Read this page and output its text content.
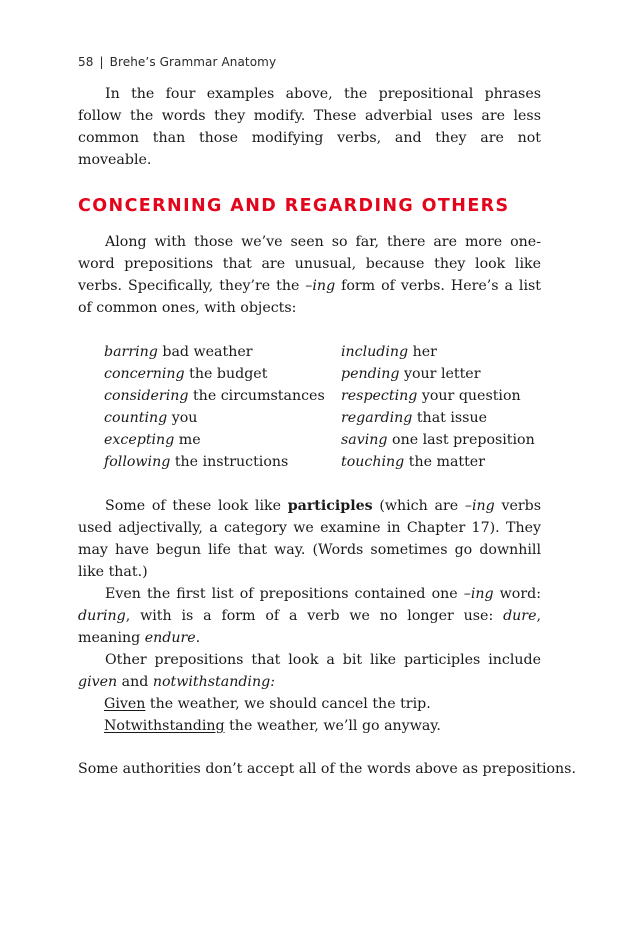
58 | Brehe’s Grammar Anatomy

In the four examples above, the prepositional phrases follow the words they modify. These adverbial uses are less common than those modifying verbs, and they are not moveable.

CONCERNING AND REGARDING OTHERS

Along with those we’ve seen so far, there are more one-word prepositions that are unusual, because they look like verbs. Specifically, they’re the –ing form of verbs. Here’s a list of common ones, with objects:

barring bad weather	including her
concerning the budget	pending your letter
considering the circumstances	respecting your question
counting you	regarding that issue
excepting me	saving one last preposition
following the instructions	touching the matter

Some of these look like participles (which are –ing verbs used adjectivally, a category we examine in Chapter 17). They may have begun life that way. (Words sometimes go downhill like that.)

Even the first list of prepositions contained one –ing word: during, with is a form of a verb we no longer use: dure, meaning endure.

Other prepositions that look a bit like participles include given and notwithstanding:

Given the weather, we should cancel the trip.
Notwithstanding the weather, we’ll go anyway.
Some authorities don’t accept all of the words above as prepositions.
